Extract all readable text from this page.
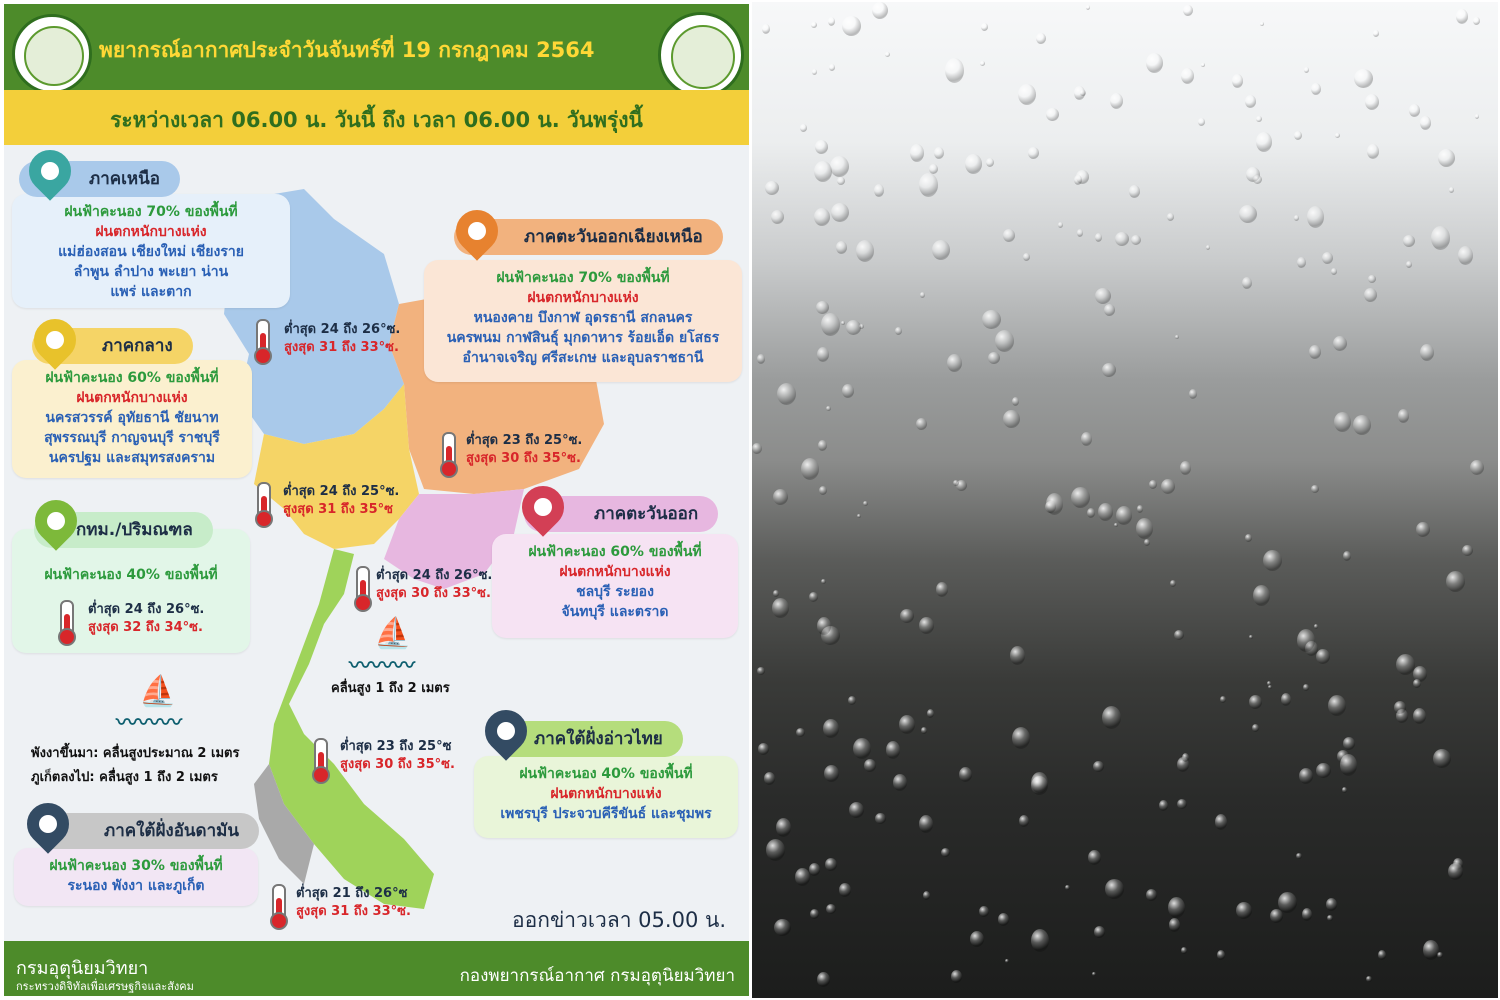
พยากรณ์อากาศประจำวันจันทร์ที่ 19 กรกฎาคม 2564
ระหว่างเวลา 06.00 น. วันนี้ ถึง เวลา 06.00 น. วันพรุ่งนี้
ฝนฟ้าคะนอง 70% ของพื้นที่
ฝนตกหนักบางแห่ง
แม่ฮ่องสอน เชียงใหม่ เชียงราย
ลำพูน ลำปาง พะเยา น่าน
แพร่ และตาก
ภาคเหนือ
ต่ำสุด 24 ถึง 26°ซ.
สูงสุด 31 ถึง 33°ซ.
ฝนฟ้าคะนอง 70% ของพื้นที่
ฝนตกหนักบางแห่ง
หนองคาย บึงกาฬ อุดรธานี สกลนคร
นครพนม กาฬสินธุ์ มุกดาหาร ร้อยเอ็ด ยโสธร
อำนาจเจริญ ศรีสะเกษ และอุบลราชธานี
ภาคตะวันออกเฉียงเหนือ
ต่ำสุด 23 ถึง 25°ซ.
สูงสุด 30 ถึง 35°ซ.
ฝนฟ้าคะนอง 60% ของพื้นที่
ฝนตกหนักบางแห่ง
นครสวรรค์ อุทัยธานี ชัยนาท
สุพรรณบุรี กาญจนบุรี ราชบุรี
นครปฐม และสมุทรสงคราม
ภาคกลาง
ต่ำสุด 24 ถึง 25°ซ.
สูงสุด 31 ถึง 35°ซ
ฝนฟ้าคะนอง 40% ของพื้นที่
กทม./ปริมณฑล
ต่ำสุด 24 ถึง 26°ซ.
สูงสุด 32 ถึง 34°ซ.
ฝนฟ้าคะนอง 60% ของพื้นที่
ฝนตกหนักบางแห่ง
ชลบุรี ระยอง
จันทบุรี และตราด
ภาคตะวันออก
ต่ำสุด 24 ถึง 26°ซ.
สูงสุด 30 ถึง 33°ซ.
⛵
〰〰〰
คลื่นสูง 1 ถึง 2 เมตร
⛵
〰〰〰
พังงาขึ้นมา: คลื่นสูงประมาณ 2 เมตร
ภูเก็ตลงไป: คลื่นสูง 1 ถึง 2 เมตร	ฝนฟ้าคะนอง 40% ของพื้นที่
ฝนตกหนักบางแห่ง
เพชรบุรี ประจวบคีรีขันธ์ และชุมพร
ภาคใต้ฝั่งอ่าวไทย
ต่ำสุด 23 ถึง 25°ซ
สูงสุด 30 ถึง 35°ซ.
ฝนฟ้าคะนอง 30% ของพื้นที่
ระนอง พังงา และภูเก็ต
ภาคใต้ฝั่งอันดามัน
ต่ำสุด 21 ถึง 26°ซ
สูงสุด 31 ถึง 33°ซ.	ออกข่าวเวลา 05.00 น.
กรมอุตุนิยมวิทยา
กระทรวงดิจิทัลเพื่อเศรษฐกิจและสังคม
กองพยากรณ์อากาศ กรมอุตุนิยมวิทยา
